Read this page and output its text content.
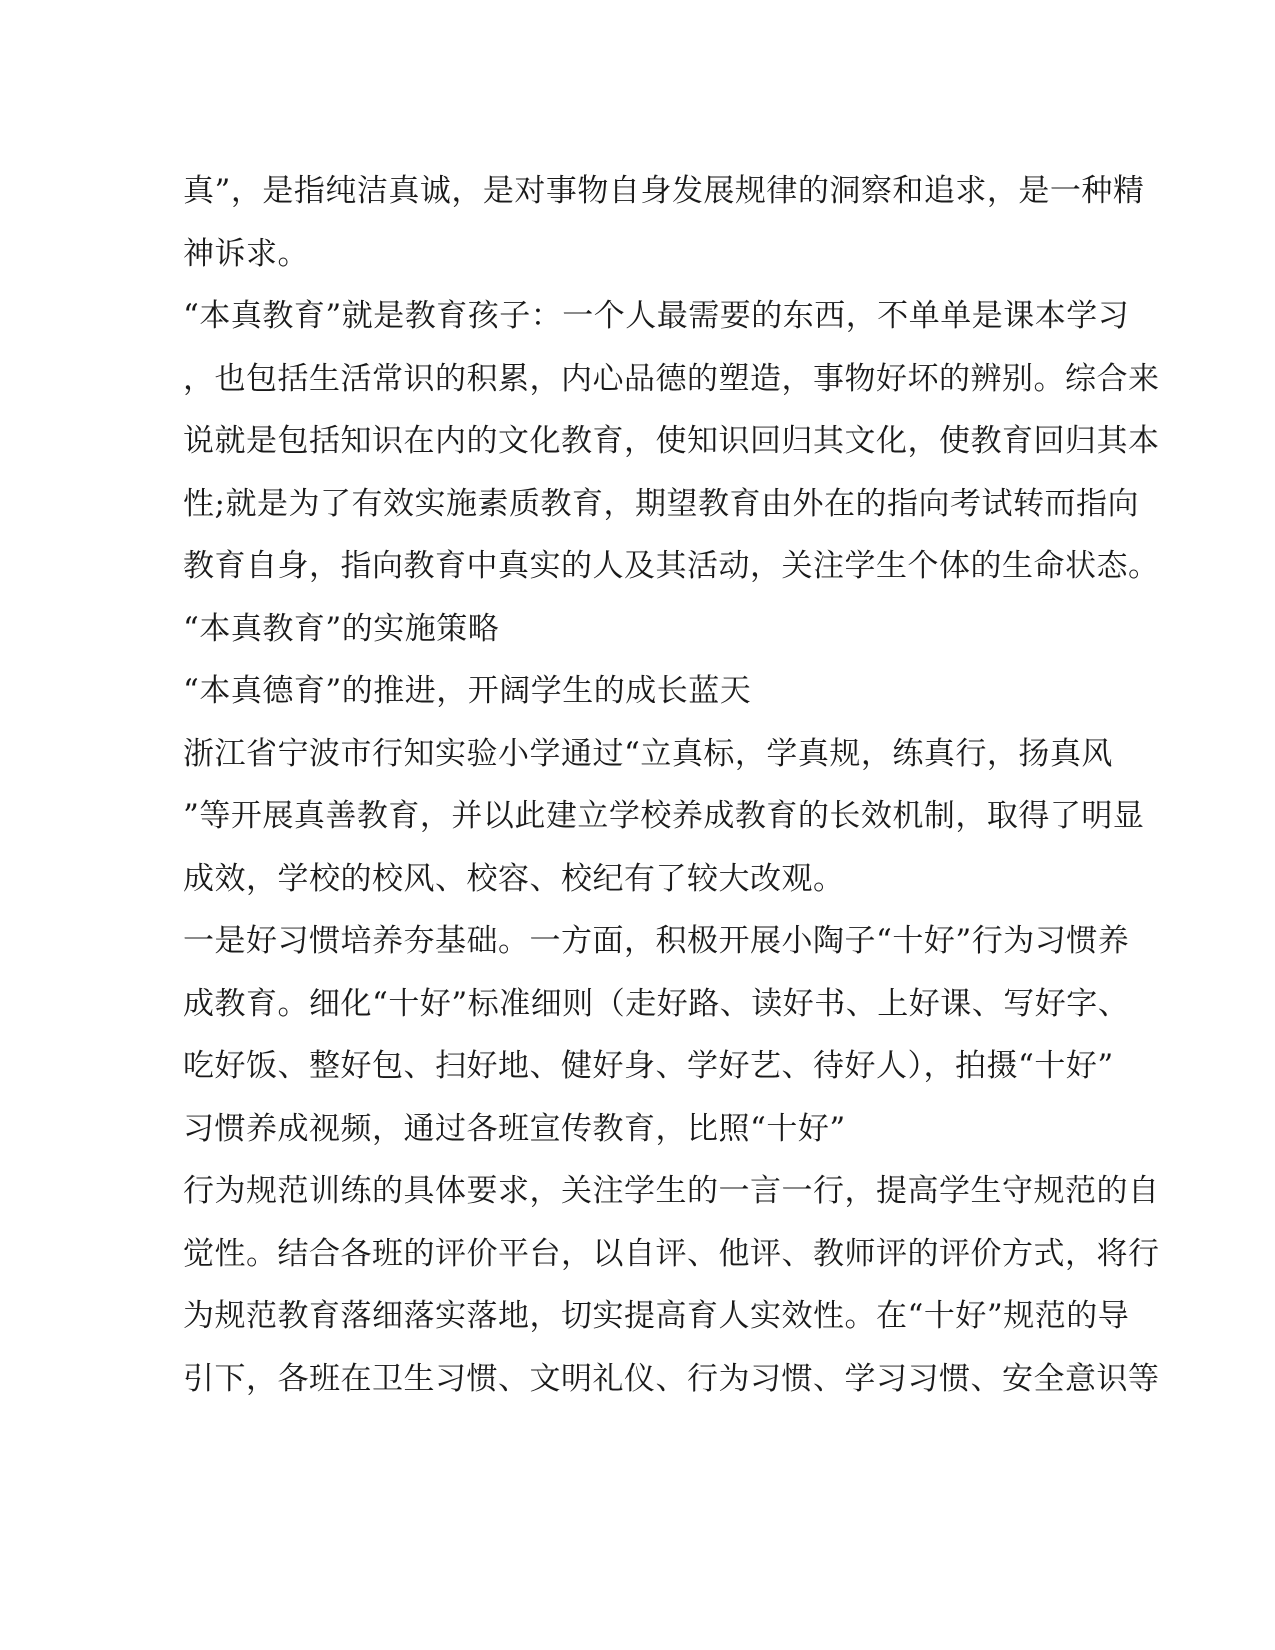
真”，是指纯洁真诚，是对事物自身发展规律的洞察和追求，是一种精
神诉求。
“本真教育”就是教育孩子：一个人最需要的东西，不单单是课本学习
，也包括生活常识的积累，内心品德的塑造，事物好坏的辨别。综合来
说就是包括知识在内的文化教育，使知识回归其文化，使教育回归其本
性;就是为了有效实施素质教育，期望教育由外在的指向考试转而指向
教育自身，指向教育中真实的人及其活动，关注学生个体的生命状态。
“本真教育”的实施策略
“本真德育”的推进，开阔学生的成长蓝天
浙江省宁波市行知实验小学通过“立真标，学真规，练真行，扬真风
”等开展真善教育，并以此建立学校养成教育的长效机制，取得了明显
成效，学校的校风、校容、校纪有了较大改观。
一是好习惯培养夯基础。一方面，积极开展小陶子“十好”行为习惯养
成教育。细化“十好”标准细则（走好路、读好书、上好课、写好字、
吃好饭、整好包、扫好地、健好身、学好艺、待好人），拍摄“十好”
习惯养成视频，通过各班宣传教育，比照“十好”
行为规范训练的具体要求，关注学生的一言一行，提高学生守规范的自
觉性。结合各班的评价平台，以自评、他评、教师评的评价方式，将行
为规范教育落细落实落地，切实提高育人实效性。在“十好”规范的导
引下，各班在卫生习惯、文明礼仪、行为习惯、学习习惯、安全意识等
